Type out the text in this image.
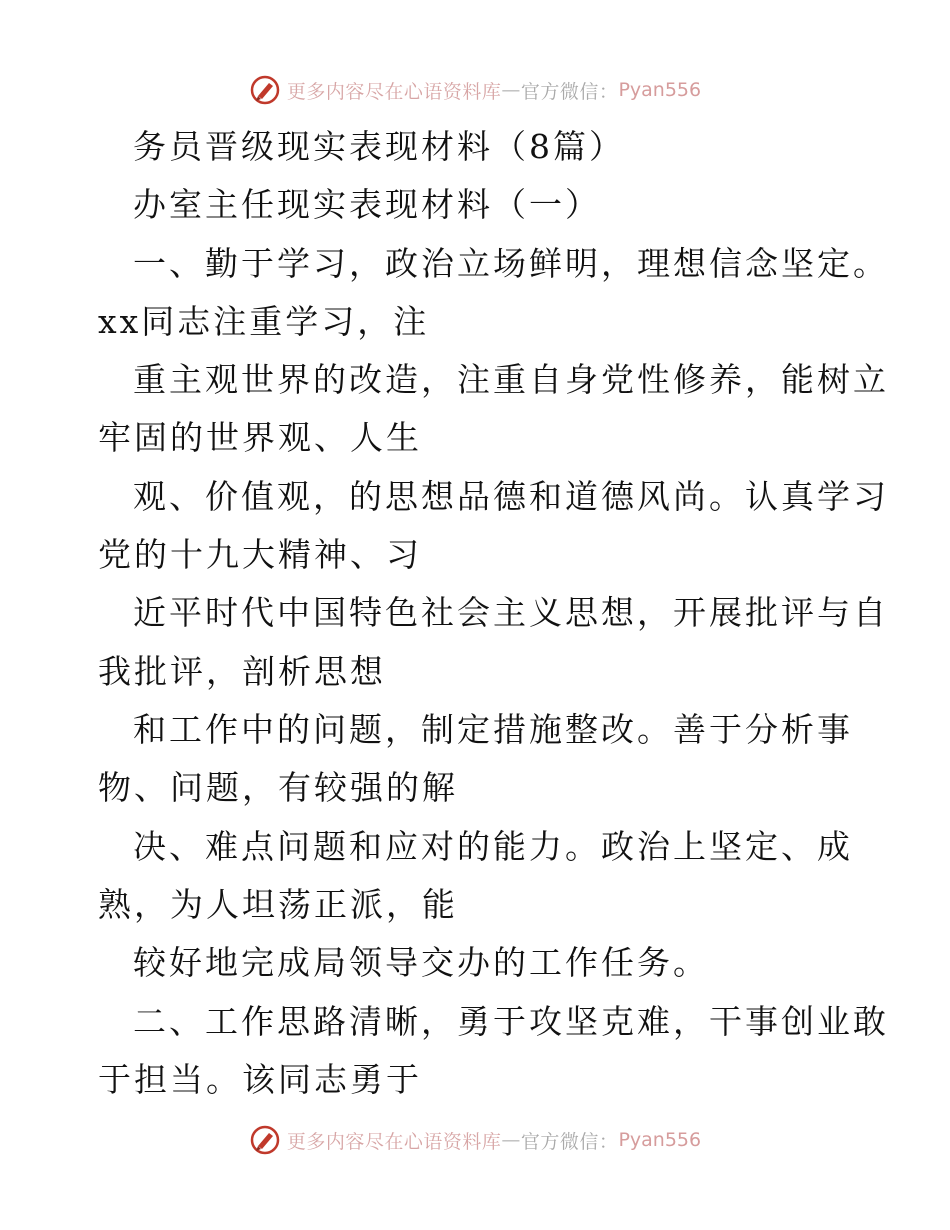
更多内容尽在心语资料库 — 官方微信： Pyan556
务员晋级现实表现材料（8篇）
办室主任现实表现材料（一）
一、勤于学习，政治立场鲜明，理想信念坚定。
xx同志注重学习，注
重主观世界的改造，注重自身党性修养，能树立
牢固的世界观、人生
观、价值观，的思想品德和道德风尚。认真学习
党的十九大精神、习
近平时代中国特色社会主义思想，开展批评与自
我批评，剖析思想
和工作中的问题，制定措施整改。善于分析事
物、问题，有较强的解
决、难点问题和应对的能力。政治上坚定、成
熟，为人坦荡正派，能
较好地完成局领导交办的工作任务。
二、工作思路清晰，勇于攻坚克难，干事创业敢
于担当。该同志勇于
更多内容尽在心语资料库 — 官方微信： Pyan556
